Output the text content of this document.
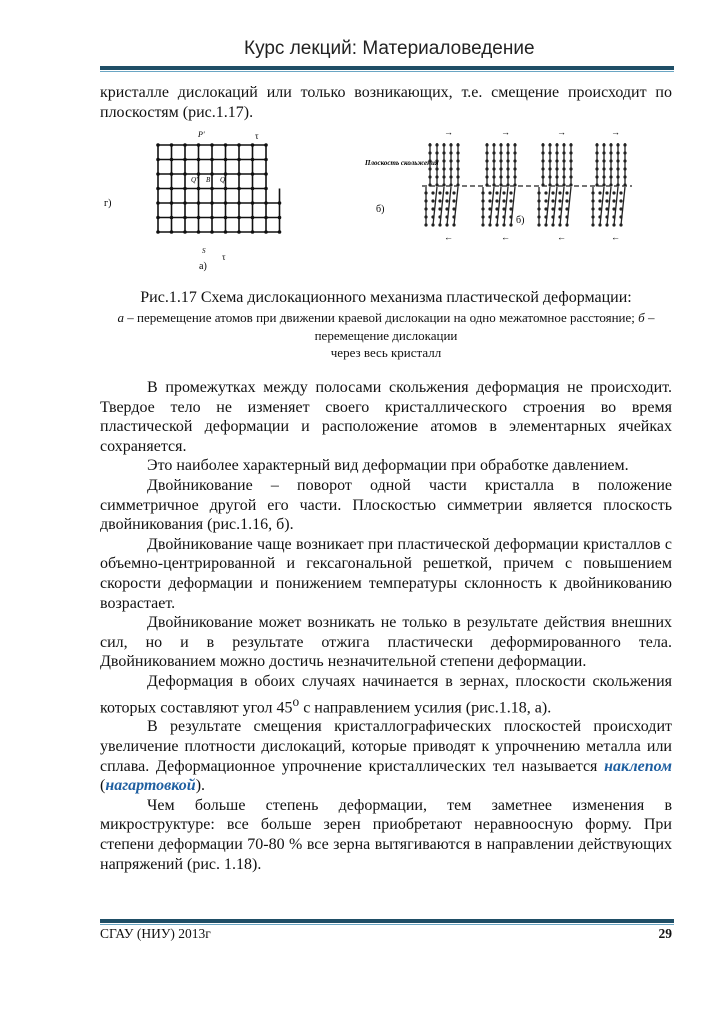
Курс лекций: Материаловедение

кристалле дислокаций или только возникающих, т.е. смещение происходит по плоскостям (рис.1.17).

г)
а)
P'
Q' B Q
S
τ
τ
→
←
→
←
→
←
→
←
Плоскость скольжения
б)
б)
Рис.1.17 Схема дислокационного механизма пластической деформации:
а – перемещение атомов при движении краевой дислокации на одно межатомное расстояние; б – перемещение дислокации
через весь кристалл

В промежутках между полосами скольжения деформация не происходит. Твердое тело не изменяет своего кристаллического строения во время пластической деформации и расположение атомов в элементарных ячейках сохраняется.

Это наиболее характерный вид деформации при обработке давлением.

Двойникование – поворот одной части кристалла в положение симметричное другой его части. Плоскостью симметрии является плоскость двойникования (рис.1.16, б).

Двойникование чаще возникает при пластической деформации кристаллов с объемно-центрированной и гексагональной решеткой, причем с повышением скорости деформации и понижением температуры склонность к двойникованию возрастает.

Двойникование может возникать не только в результате действия внешних сил, но и в результате отжига пластически деформированного тела. Двойникованием можно достичь незначительной степени деформации.

Деформация в обоих случаях начинается в зернах, плоскости скольжения которых составляют угол 45$^o$ с направлением усилия (рис.1.18, а).

В результате смещения кристаллографических плоскостей происходит увеличение плотности дислокаций, которые приводят к упрочнению металла или сплава. Деформационное упрочнение кристаллических тел называется наклепом (нагартовкой).

Чем больше степень деформации, тем заметнее изменения в микроструктуре: все больше зерен приобретают неравноосную форму. При степени деформации 70-80 % все зерна вытягиваются в направлении действующих напряжений (рис. 1.18).

СГАУ (НИУ) 2013г	29
